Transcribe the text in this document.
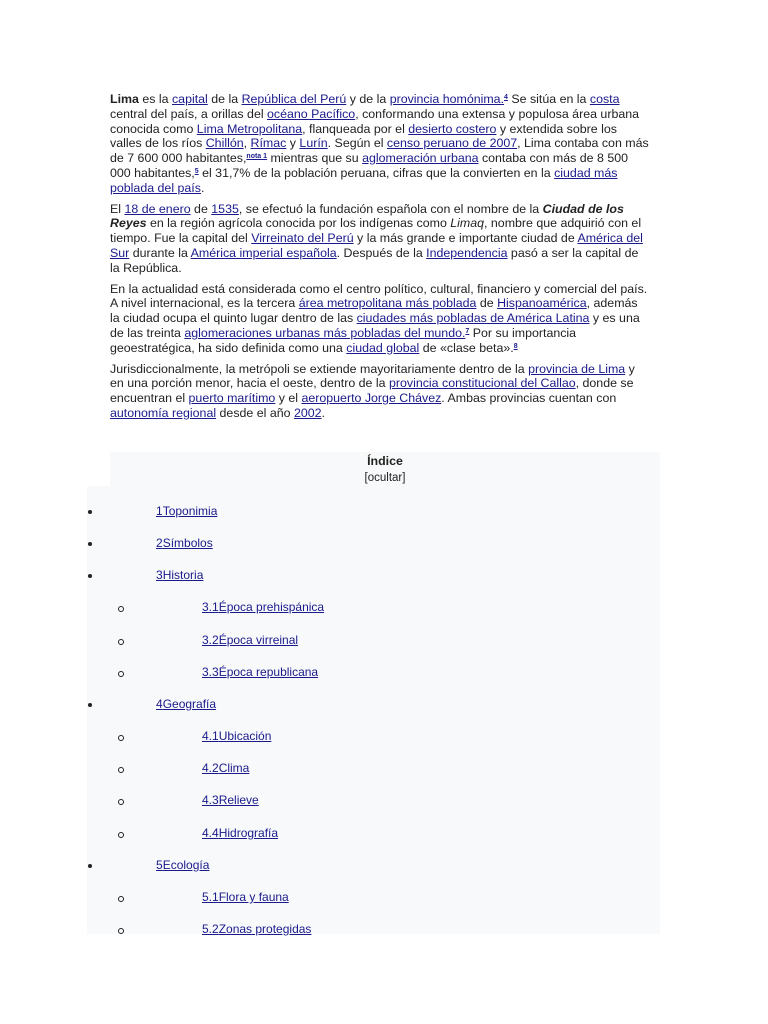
Lima es la capital de la República del Perú y de la provincia homónima.$^4$ Se sitúa en la costa central del país, a orillas del océano Pacífico, conformando una extensa y populosa área urbana conocida como Lima Metropolitana, flanqueada por el desierto costero y extendida sobre los valles de los ríos Chillón, Rímac y Lurín. Según el censo peruano de 2007, Lima contaba con más de 7 600 000 habitantes,$^{nota 1}$ mientras que su aglomeración urbana contaba con más de 8 500 000 habitantes,$^5$ el 31,7% de la población peruana, cifras que la convierten en la ciudad más poblada del país.

El 18 de enero de 1535, se efectuó la fundación española con el nombre de la Ciudad de los Reyes en la región agrícola conocida por los indígenas como Limaq, nombre que adquirió con el tiempo. Fue la capital del Virreinato del Perú y la más grande e importante ciudad de América del Sur durante la América imperial española. Después de la Independencia pasó a ser la capital de la República.

En la actualidad está considerada como el centro político, cultural, financiero y comercial del país. A nivel internacional, es la tercera área metropolitana más poblada de Hispanoamérica, además la ciudad ocupa el quinto lugar dentro de las ciudades más pobladas de América Latina y es una de las treinta aglomeraciones urbanas más pobladas del mundo.$^7$ Por su importancia geoestratégica, ha sido definida como una ciudad global de «clase beta».$^8$

Jurisdiccionalmente, la metrópoli se extiende mayoritariamente dentro de la provincia de Lima y en una porción menor, hacia el oeste, dentro de la provincia constitucional del Callao, donde se encuentran el puerto marítimo y el aeropuerto Jorge Chávez. Ambas provincias cuentan con autonomía regional desde el año 2002.

Índice
[ocultar]
1Toponimia
2Símbolos
3Historia
3.1Época prehispánica
3.2Época virreinal
3.3Época republicana
4Geografía
4.1Ubicación
4.2Clima
4.3Relieve
4.4Hidrografía
5Ecología
5.1Flora y fauna
5.2Zonas protegidas
